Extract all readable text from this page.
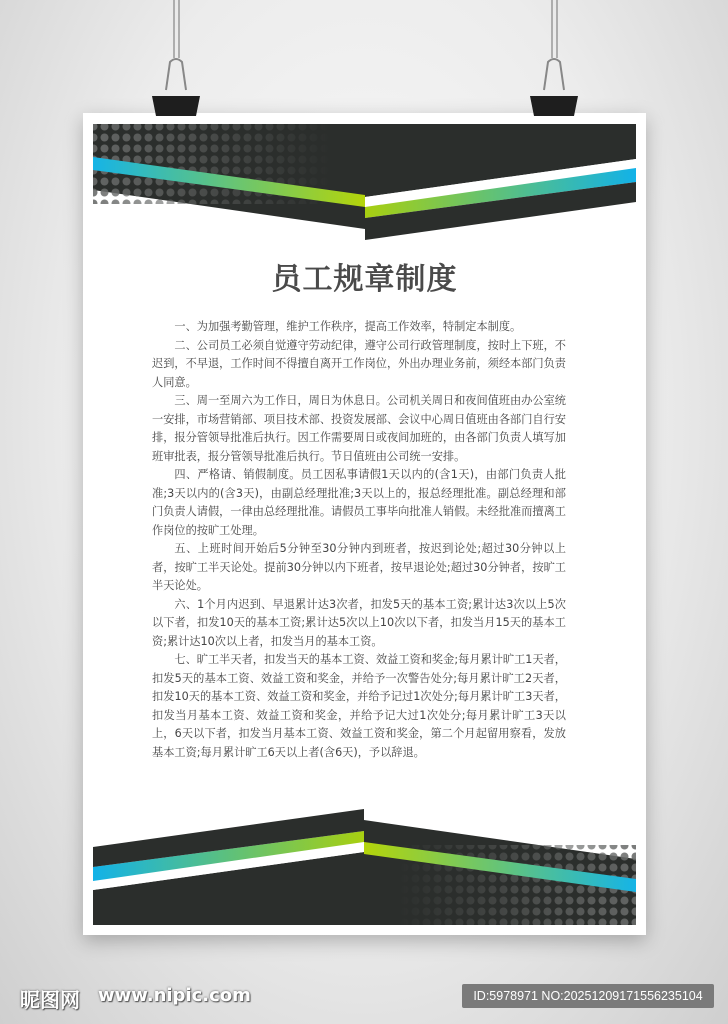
员工规章制度

一、为加强考勤管理，维护工作秩序，提高工作效率，特制定本制度。

二、公司员工必须自觉遵守劳动纪律，遵守公司行政管理制度，按时上下班，不迟到，不早退，工作时间不得擅自离开工作岗位，外出办理业务前，须经本部门负责人同意。

三、周一至周六为工作日，周日为休息日。公司机关周日和夜间值班由办公室统一安排，市场营销部、项目技术部、投资发展部、会议中心周日值班由各部门自行安排，报分管领导批准后执行。因工作需要周日或夜间加班的，由各部门负责人填写加班审批表，报分管领导批准后执行。节日值班由公司统一安排。

四、严格请、销假制度。员工因私事请假1天以内的(含1天)，由部门负责人批准;3天以内的(含3天)，由副总经理批准;3天以上的，报总经理批准。副总经理和部门负责人请假，一律由总经理批准。请假员工事毕向批准人销假。未经批准而擅离工作岗位的按旷工处理。

五、上班时间开始后5分钟至30分钟内到班者，按迟到论处;超过30分钟以上者，按旷工半天论处。提前30分钟以内下班者，按早退论处;超过30分钟者，按旷工半天论处。

六、1个月内迟到、早退累计达3次者，扣发5天的基本工资;累计达3次以上5次以下者，扣发10天的基本工资;累计达5次以上10次以下者，扣发当月15天的基本工资;累计达10次以上者，扣发当月的基本工资。

七、旷工半天者，扣发当天的基本工资、效益工资和奖金;每月累计旷工1天者，扣发5天的基本工资、效益工资和奖金，并给予一次警告处分;每月累计旷工2天者，扣发10天的基本工资、效益工资和奖金，并给予记过1次处分;每月累计旷工3天者，扣发当月基本工资、效益工资和奖金，并给予记大过1次处分;每月累计旷工3天以上，6天以下者，扣发当月基本工资、效益工资和奖金，第二个月起留用察看，发放基本工资;每月累计旷工6天以上者(含6天)，予以辞退。

昵图网 www.nipic.com	ID:5978971 NO:20251209171556235104
